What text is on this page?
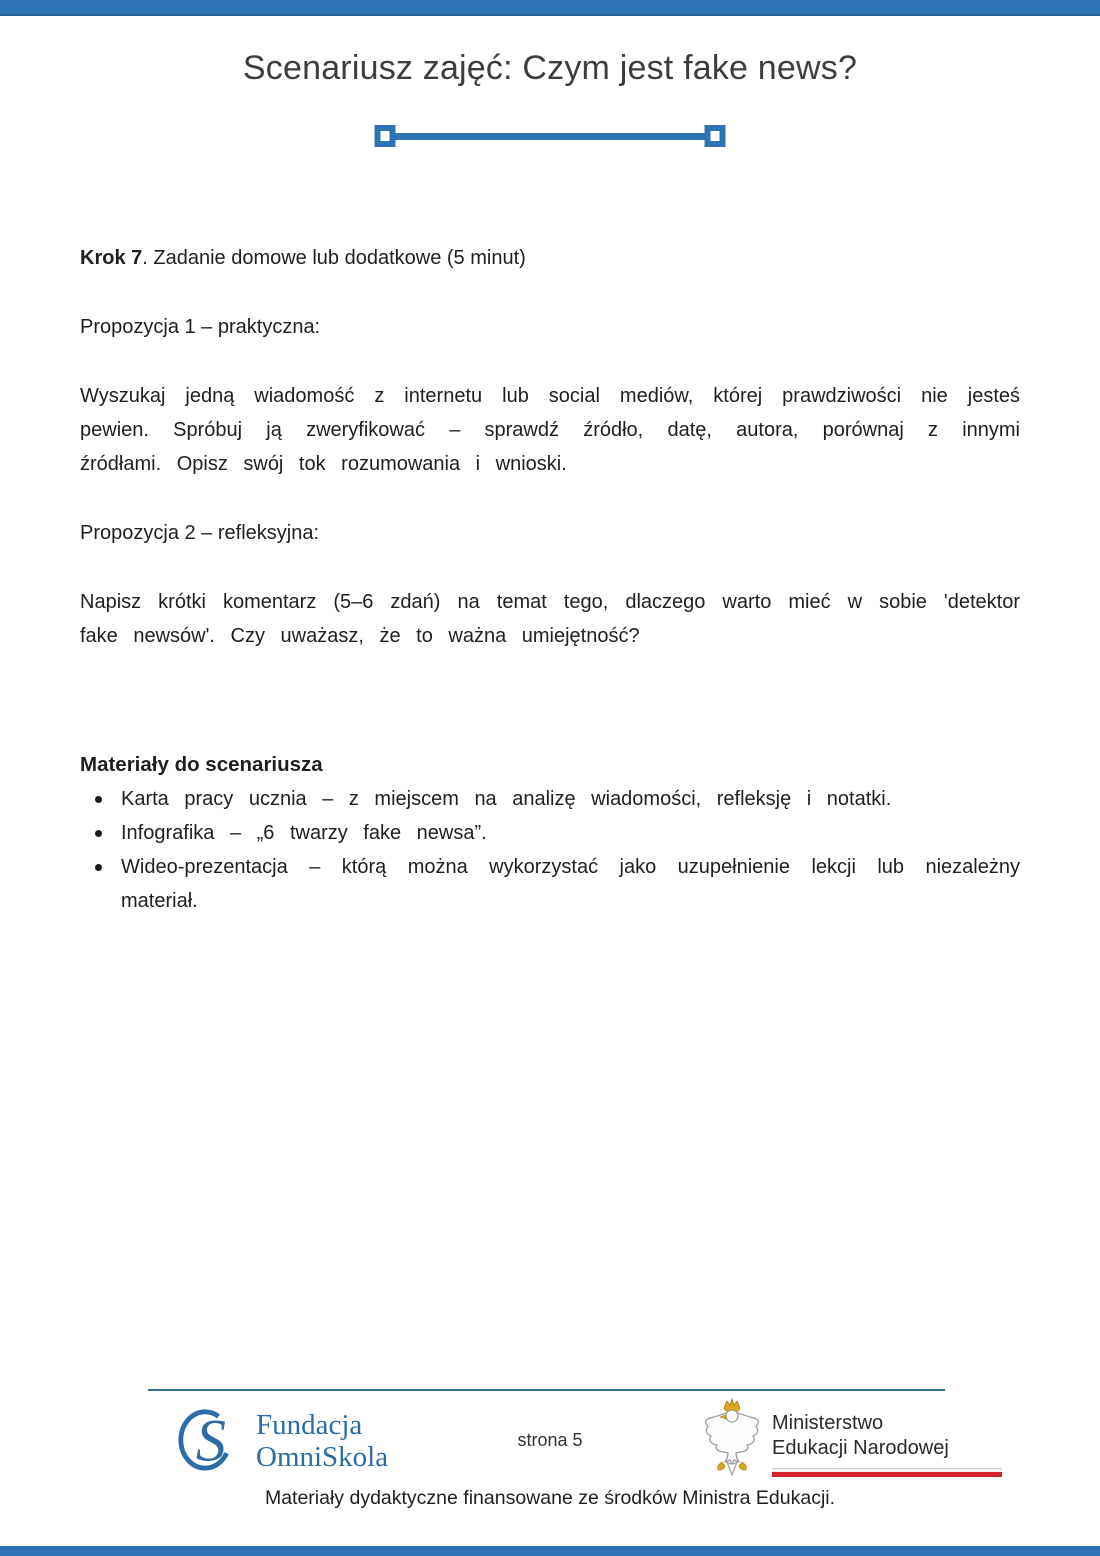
Scenariusz zajęć: Czym jest fake news?
Krok 7. Zadanie domowe lub dodatkowe (5 minut)
Propozycja 1 – praktyczna:

Wyszukaj jedną wiadomość z internetu lub social mediów, której prawdziwości nie jesteś pewien. Spróbuj ją zweryfikować – sprawdź źródło, datę, autora, porównaj z innymi źródłami. Opisz swój tok rozumowania i wnioski.

Propozycja 2 – refleksyjna:

Napisz krótki komentarz (5–6 zdań) na temat tego, dlaczego warto mieć w sobie 'detektor fake newsów'. Czy uważasz, że to ważna umiejętność?

Materiały do scenariusza
Karta pracy ucznia – z miejscem na analizę wiadomości, refleksję i notatki.
Infografika – „6 twarzy fake newsa”.
Wideo-prezentacja – którą można wykorzystać jako uzupełnienie lekcji lub niezależny materiał.
S Fundacja
OmniSkola
strona 5
Ministerstwo
Edukacji Narodowej
Materiały dydaktyczne finansowane ze środków Ministra Edukacji.
